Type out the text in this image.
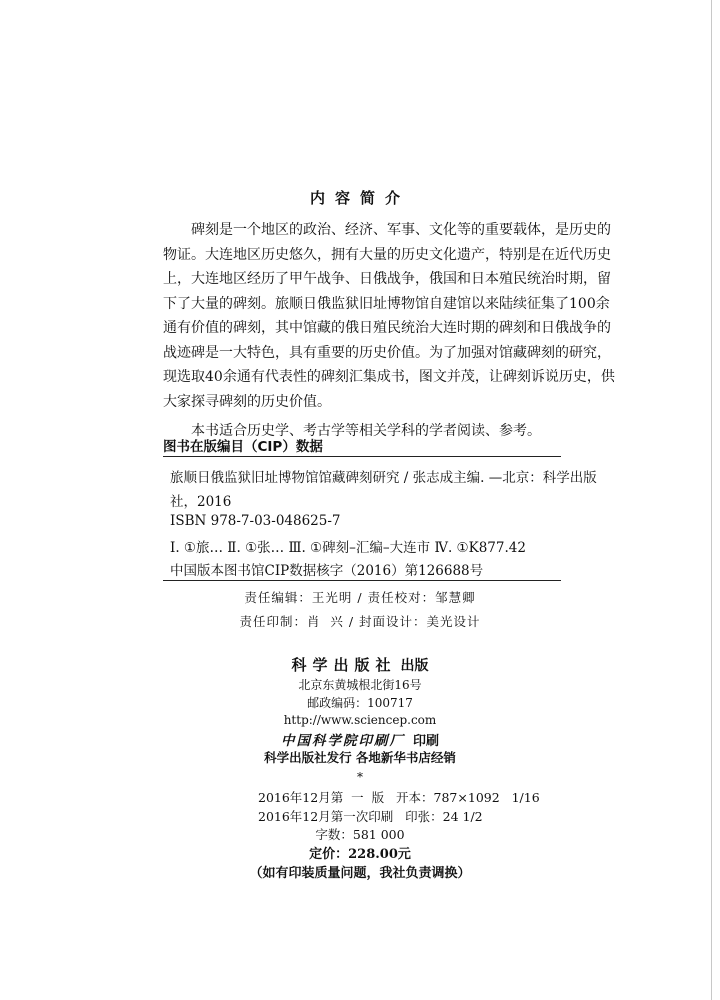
内容简介
碑刻是一个地区的政治、经济、军事、文化等的重要载体，是历史的
物证。大连地区历史悠久，拥有大量的历史文化遗产，特别是在近代历史
上，大连地区经历了甲午战争、日俄战争，俄国和日本殖民统治时期，留
下了大量的碑刻。旅顺日俄监狱旧址博物馆自建馆以来陆续征集了100余
通有价值的碑刻，其中馆藏的俄日殖民统治大连时期的碑刻和日俄战争的
战迹碑是一大特色，具有重要的历史价值。为了加强对馆藏碑刻的研究，
现选取40余通有代表性的碑刻汇集成书，图文并茂，让碑刻诉说历史，供
大家探寻碑刻的历史价值。
本书适合历史学、考古学等相关学科的学者阅读、参考。
图书在版编目（CIP）数据
旅顺日俄监狱旧址博物馆馆藏碑刻研究 / 张志成主编. —北京：科学出版
社，2016
ISBN 978-7-03-048625-7
Ⅰ. ①旅… Ⅱ. ①张… Ⅲ. ①碑刻–汇编–大连市 Ⅳ. ①K877.42
中国版本图书馆CIP数据核字（2016）第126688号
责任编辑：王光明 / 责任校对：邹慧卿
责任印制：肖  兴 / 封面设计：美光设计
科学出版社 出版
北京东黄城根北街16号
邮政编码：100717
http://www.sciencep.com
中国科学院印刷厂 印刷
科学出版社发行 各地新华书店经销
*
2016年12月第  一  版   开本：787×1092   1/16
2016年12月第一次印刷   印张：24 1/2
字数：581 000
定价：228.00元
（如有印装质量问题，我社负责调换）
